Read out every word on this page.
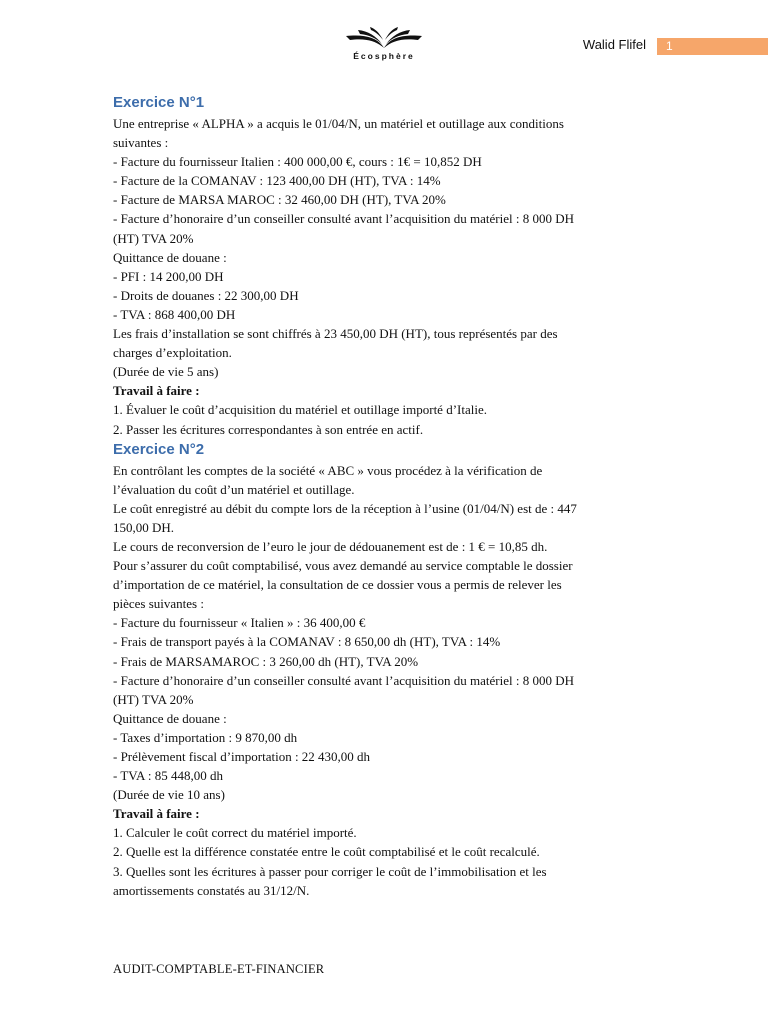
Écosphère
Walid Flifel	1
Exercice N°1
Une entreprise « ALPHA » a acquis le 01/04/N, un matériel et outillage aux conditions
suivantes :
- Facture du fournisseur Italien : 400 000,00 €, cours : 1€ = 10,852 DH
- Facture de la COMANAV : 123 400,00 DH (HT), TVA : 14%
- Facture de MARSA MAROC : 32 460,00 DH (HT), TVA 20%
- Facture d’honoraire d’un conseiller consulté avant l’acquisition du matériel : 8 000 DH
(HT) TVA 20%
Quittance de douane :
- PFI : 14 200,00 DH
- Droits de douanes : 22 300,00 DH
- TVA : 868 400,00 DH
Les frais d’installation se sont chiffrés à 23 450,00 DH (HT), tous représentés par des
charges d’exploitation.
(Durée de vie 5 ans)
Travail à faire :
1. Évaluer le coût d’acquisition du matériel et outillage importé d’Italie.
2. Passer les écritures correspondantes à son entrée en actif.
Exercice N°2
En contrôlant les comptes de la société « ABC » vous procédez à la vérification de
l’évaluation du coût d’un matériel et outillage.
Le coût enregistré au débit du compte lors de la réception à l’usine (01/04/N) est de : 447
150,00 DH.
Le cours de reconversion de l’euro le jour de dédouanement est de : 1 € = 10,85 dh.
Pour s’assurer du coût comptabilisé, vous avez demandé au service comptable le dossier
d’importation de ce matériel, la consultation de ce dossier vous a permis de relever les
pièces suivantes :
- Facture du fournisseur « Italien » : 36 400,00 €
- Frais de transport payés à la COMANAV : 8 650,00 dh (HT), TVA : 14%
- Frais de MARSAMAROC : 3 260,00 dh (HT), TVA 20%
- Facture d’honoraire d’un conseiller consulté avant l’acquisition du matériel : 8 000 DH
(HT) TVA 20%
Quittance de douane :
- Taxes d’importation : 9 870,00 dh
- Prélèvement fiscal d’importation : 22 430,00 dh
- TVA : 85 448,00 dh
(Durée de vie 10 ans)
Travail à faire :
1. Calculer le coût correct du matériel importé.
2. Quelle est la différence constatée entre le coût comptabilisé et le coût recalculé.
3. Quelles sont les écritures à passer pour corriger le coût de l’immobilisation et les
amortissements constatés au 31/12/N.
AUDIT-COMPTABLE-ET-FINANCIER
